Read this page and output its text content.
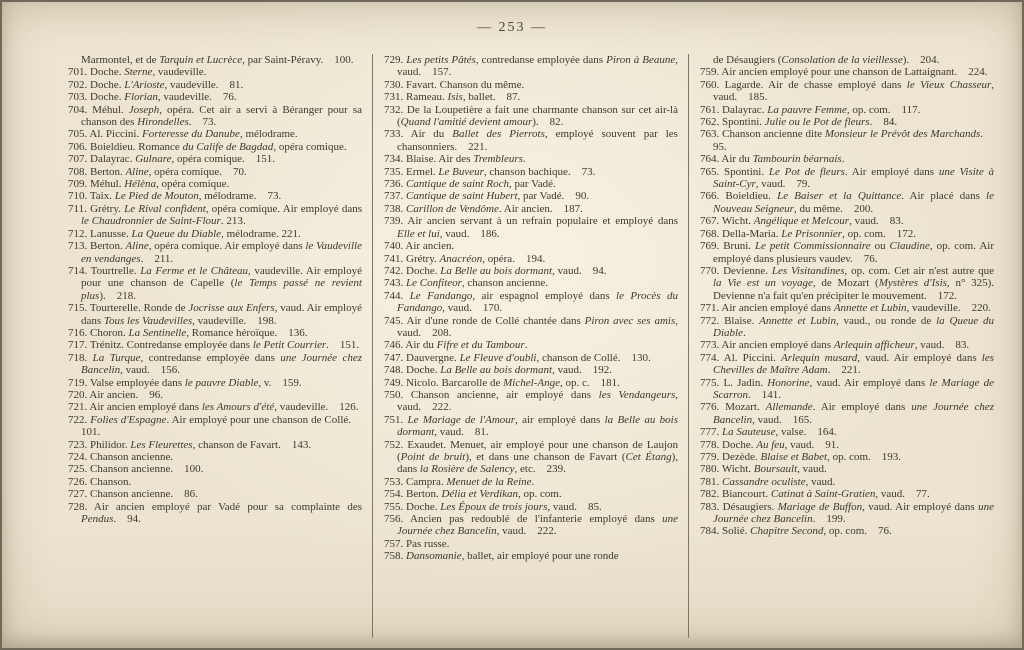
— 253 —

Marmontel, et de Tarquin et Lucrèce, par Saint-Péravy.  100.

701. Doche. Sterne, vaudeville.

702. Doche. L'Arioste, vaudeville.  81.

703. Doche. Florian, vaudeville.  76.

704. Méhul. Joseph, opéra. Cet air a servi à Béranger pour sa chanson des Hirondelles.  73.

705. Al. Piccini. Forteresse du Danube, mélodrame.

706. Boieldieu. Romance du Calife de Bagdad, opéra comique.

707. Dalayrac. Gulnare, opéra comique.  151.

708. Berton. Aline, opéra comique.  70.

709. Méhul. Hélèna, opéra comique.

710. Taix. Le Pied de Mouton, mélodrame.  73.

711. Grétry. Le Rival confident, opéra comique. Air employé dans le Chaudronnier de Saint-Flour. 213.

712. Lanusse. La Queue du Diable, mélodrame. 221.

713. Berton. Aline, opéra comique. Air employé dans le Vaudeville en vendanges.  211.

714. Tourtrelle. La Ferme et le Château, vaudeville. Air employé pour une chanson de Capelle (le Temps passé ne revient plus).  218.

715. Tourterelle. Ronde de Jocrisse aux Enfers, vaud. Air employé dans Tous les Vaudevilles, vaudeville.  198.

716. Choron. La Sentinelle, Romance héroïque.  136.

717. Trénitz. Contredanse employée dans le Petit Courrier.  151.

718. La Turque, contredanse employée dans une Journée chez Bancelin, vaud.  156.

719. Valse employée dans le pauvre Diable, v.  159.

720. Air ancien.  96.

721. Air ancien employé dans les Amours d'été, vaudeville.  126.

722. Folies d'Espagne. Air employé pour une chanson de Collé.  101.

723. Philidor. Les Fleurettes, chanson de Favart.  143.

724. Chanson ancienne.

725. Chanson ancienne.  100.

726. Chanson.

727. Chanson ancienne.  86.

728. Air ancien employé par Vadé pour sa complainte des Pendus.  94.

729. Les petits Pâtés, contredanse employée dans Piron à Beaune, vaud.  157.

730. Favart. Chanson du même.

731. Rameau. Isis, ballet.  87.

732. De la Loupetière a fait une charmante chanson sur cet air-là (Quand l'amitié devient amour).  82.

733. Air du Ballet des Pierrots, employé souvent par les chansonniers.  221.

734. Blaise. Air des Trembleurs.

735. Ermel. Le Buveur, chanson bachique.  73.

736. Cantique de saint Roch, par Vadé.

737. Cantique de saint Hubert, par Vadé.  90.

738. Carillon de Vendôme. Air ancien.  187.

739. Air ancien servant à un refrain populaire et employé dans Elle et lui, vaud.  186.

740. Air ancien.

741. Grétry. Anacréon, opéra.  194.

742. Doche. La Belle au bois dormant, vaud.  94.

743. Le Confiteor, chanson ancienne.

744. Le Fandango, air espagnol employé dans le Procès du Fandango, vaud.  170.

745. Air d'une ronde de Collé chantée dans Piron avec ses amis, vaud.  208.

746. Air du Fifre et du Tambour.

747. Dauvergne. Le Fleuve d'oubli, chanson de Collé.  130.

748. Doche. La Belle au bois dormant, vaud.  192.

749. Nicolo. Barcarolle de Michel-Ange, op. c.  181.

750. Chanson ancienne, air employé dans les Vendangeurs, vaud.  222.

751. Le Mariage de l'Amour, air employé dans la Belle au bois dormant, vaud.  81.

752. Exaudet. Menuet, air employé pour une chanson de Laujon (Point de bruit), et dans une chanson de Favart (Cet Étang), dans la Rosière de Salency, etc.  239.

753. Campra. Menuet de la Reine.

754. Berton. Délia et Verdikan, op. com.

755. Doche. Les Époux de trois jours, vaud.  85.

756. Ancien pas redoublé de l'infanterie employé dans une Journée chez Bancelin, vaud.  222.

757. Pas russe.

758. Dansomanie, ballet, air employé pour une ronde

de Désaugiers (Consolation de la vieillesse).  204.

759. Air ancien employé pour une chanson de Lattaignant.  224.

760. Lagarde. Air de chasse employé dans le Vieux Chasseur, vaud.  185.

761. Dalayrac. La pauvre Femme, op. com.  117.

762. Spontini. Julie ou le Pot de fleurs.  84.

763. Chanson ancienne dite Monsieur le Prévôt des Marchands.  95.

764. Air du Tambourin béarnais.

765. Spontini. Le Pot de fleurs. Air employé dans une Visite à Saint-Cyr, vaud.  79.

766. Boieldieu. Le Baiser et la Quittance. Air placé dans le Nouveau Seigneur, du même.  200.

767. Wicht. Angélique et Melcour, vaud.  83.

768. Della-Maria. Le Prisonnier, op. com.  172.

769. Bruni. Le petit Commissionnaire ou Claudine, op. com. Air employé dans plusieurs vaudev.  76.

770. Devienne. Les Visitandines, op. com. Cet air n'est autre que la Vie est un voyage, de Mozart (Mystères d'Isis, n° 325). Devienne n'a fait qu'en précipiter le mouvement.  172.

771. Air ancien employé dans Annette et Lubin, vaudeville.  220.

772. Blaise. Annette et Lubin, vaud., ou ronde de la Queue du Diable.

773. Air ancien employé dans Arlequin afficheur, vaud.  83.

774. Al. Piccini. Arlequin musard, vaud. Air employé dans les Chevilles de Maître Adam.  221.

775. L. Jadin. Honorine, vaud. Air employé dans le Mariage de Scarron.  141.

776. Mozart. Allemande. Air employé dans une Journée chez Bancelin, vaud.  165.

777. La Sauteuse, valse.  164.

778. Doche. Au feu, vaud.  91.

779. Dezède. Blaise et Babet, op. com.  193.

780. Wicht. Boursault, vaud.

781. Cassandre oculiste, vaud.

782. Biancourt. Catinat à Saint-Gratien, vaud.  77.

783. Désaugiers. Mariage de Buffon, vaud. Air employé dans une Journée chez Bancelin.  199.

784. Solié. Chapitre Second, op. com.  76.
